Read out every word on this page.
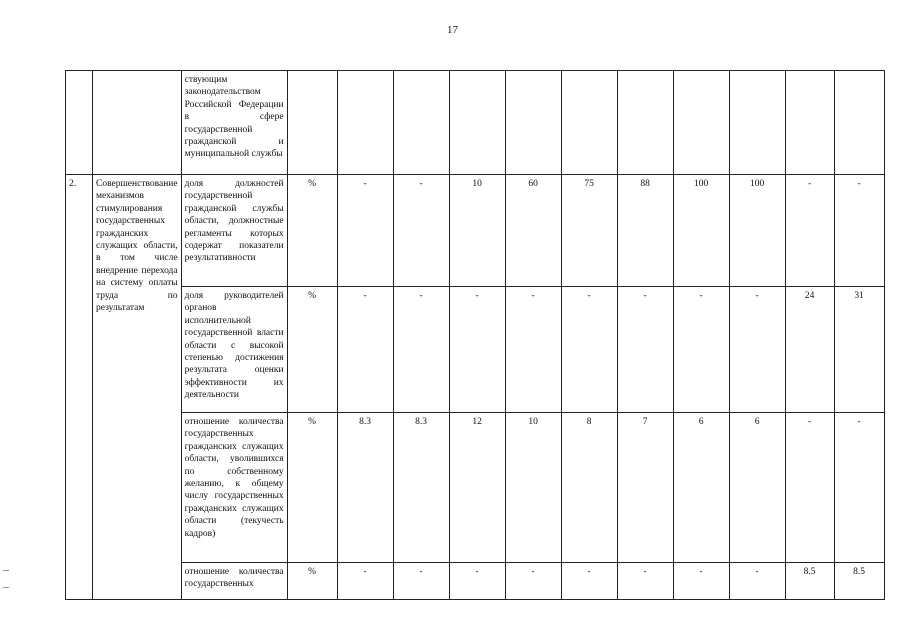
17
		ствующим законодательством Российской Федерации в сфере государственной гражданской и муниципальной службы											
2.	Совершенствование механизмов стимулирования государственных гражданских служащих области, в том числе внедрение перехода на систему оплаты труда по результатам	доля должностей государственной гражданской службы области, должностные регламенты которых содержат показатели результативности	%	-	-	10	60	75	88	100	100	-	-
		доля руководителей органов исполнительной государственной власти области с высокой степенью достижения результата оценки эффективности их деятельности	%	-	-	-	-	-	-	-	-	24	31
		отношение количества государственных гражданских служащих области, уволившихся по собственному желанию, к общему числу государственных гражданских служащих области (текучесть кадров)	%	8.3	8.3	12	10	8	7	6	6	-	-
		отношение количества государственных	%	-	-	-	-	-	-	-	-	8.5	8.5
